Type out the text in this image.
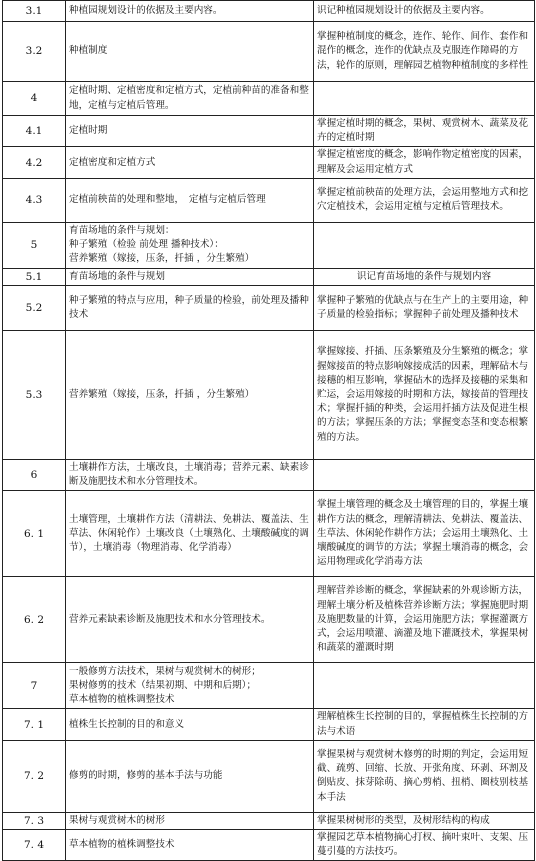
3.1	种植园规划设计的依据及主要内容。	识记种植园规划设计的依据及主要内容。
3.2	种植制度	掌握种植制度的概念，连作、轮作、间作、套作和混作的概念，连作的优缺点及克服连作障碍的方法，轮作的原则，理解园艺植物种植制度的多样性
4	定植时期、定植密度和定植方式，定植前种苗的准备和整地，定植与定植后管理。	
4.1	定植时期	掌握定植时期的概念，果树、观赏树木、蔬菜及花卉的定植时期
4.2	定植密度和定植方式	掌握定植密度的概念，影响作物定植密度的因素，理解及会运用定植方式
4.3	定植前秧苗的处理和整地，　定植与定植后管理	掌握定植前秧苗的处理方法，会运用整地方式和挖穴定植技术，会运用定植与定植后管理技术。
5	育苗场地的条件与规划：
种子繁殖（检验 前处理 播种技术）：
营养繁殖（嫁接，压条，扦插 ，分生繁殖）	
5.1	育苗场地的条件与规划	识记育苗场地的条件与规划内容
5.2	种子繁殖的特点与应用，种子质量的检验，前处理及播种技术	掌握种子繁殖的优缺点与在生产上的主要用途，种子质量的检验指标；掌握种子前处理及播种技术
5.3	营养繁殖（嫁接，压条，扦插 ，分生繁殖）	掌握嫁接、扦插、压条繁殖及分生繁殖的概念；掌握嫁接苗的特点影响嫁接成活的因素，理解砧木与接穗的相互影响，掌握砧木的选择及接穗的采集和贮运，会运用嫁接的时期和方法，嫁接苗的管理技术；掌握扦插的种类，会运用扦插方法及促进生根的方法；掌握压条的方法；掌握变态茎和变态根繁殖的方法。
6	土壤耕作方法，土壤改良，土壤消毒；营养元素、缺素诊断及施肥技术和水分管理技术。	
6. 1	土壤管理，土壤耕作方法（清耕法、免耕法、覆盖法、生草法、休闲轮作）土壤改良（土壤熟化、土壤酸碱度的调节），土壤消毒（物理消毒、化学消毒）	掌握土壤管理的概念及土壤管理的目的，掌握土壤耕作方法的概念，理解清耕法、免耕法、覆盖法、生草法、休闲轮作耕作方法；会运用土壤熟化、土壤酸碱度的调节的方法；掌握土壤消毒的概念，会运用物理或化学消毒方法
6. 2	营养元素缺素诊断及施肥技术和水分管理技术。	理解营养诊断的概念，掌握缺素的外观诊断方法，理解土壤分析及植株营养诊断方法；掌握施肥时期及施肥数量的计算，会运用施肥方法；掌握灌溉方式，会运用喷灌、滴灌及地下灌溉技术，掌握果树和蔬菜的灌溉时期
7	一般修剪方法技术，果树与观赏树木的树形；
果树修剪的技术（结果初期、中期和后期）；
草本植物的植株调整技术	
7. 1	植株生长控制的目的和意义	理解植株生长控制的目的，掌握植株生长控制的方法与术语
7. 2	修剪的时期，修剪的基本手法与功能	掌握果树与观赏树木修剪的时期的判定，会运用短截、疏剪、回缩、长放、开张角度、环剥、环割及倒贴皮、抹芽除萌、摘心剪梢、扭梢、圈枝别枝基本手法
7. 3	果树与观赏树木的树形	掌握果树树形的类型，及树形结构的构成
7. 4	草本植物的植株调整技术	掌握园艺草本植物摘心打杈、摘叶束叶、支架、压蔓引蔓的方法技巧。
